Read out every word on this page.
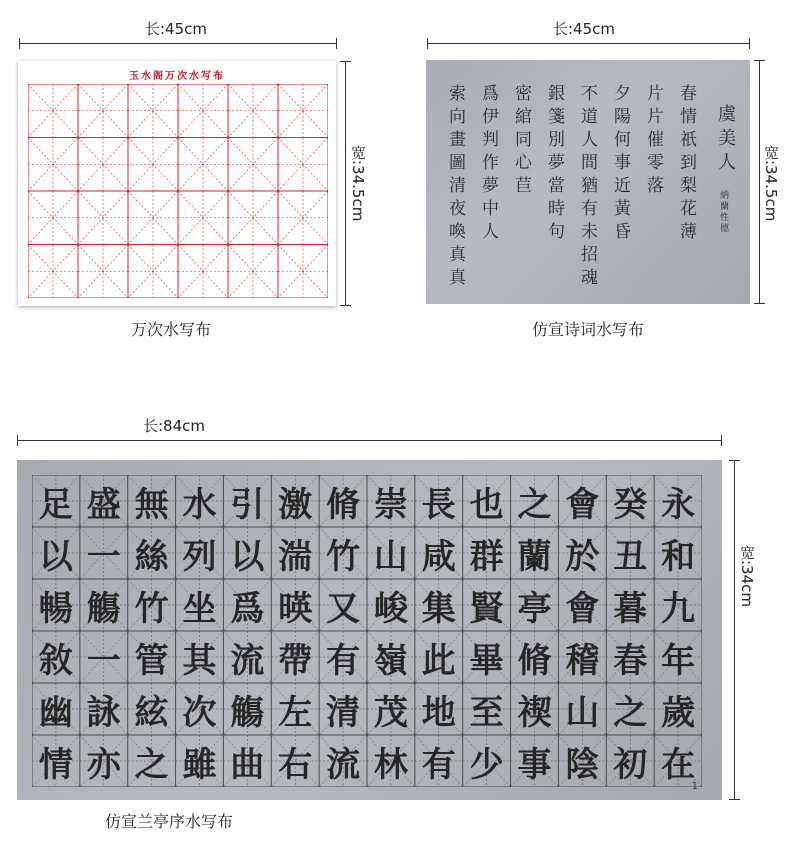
长:45cm
宽:34.5cm
玉水阁万次水写布
万次水写布
长:45cm
宽:34.5cm
虞美人
納蘭性德
春情祇到梨花薄
片片催零落
夕陽何事近黃昏
不道人間猶有未招魂
銀箋別夢當時句
密綰同心苣
爲伊判作夢中人
索向畫圖清夜喚真真
仿宣诗词水写布
长:84cm
宽:34cm
永
和
九
年
歲
在
癸
丑
暮
春
之
初
會
於
會
稽
山
陰
之
蘭
亭
脩
禊
事
也
群
賢
畢
至
少
長
咸
集
此
地
有
崇
山
峻
嶺
茂
林
脩
竹
又
有
清
流
激
湍
暎
帶
左
右
引
以
爲
流
觴
曲
水
列
坐
其
次
雖
無
絲
竹
管
絃
之
盛
一
觴
一
詠
亦
足
以
暢
敘
幽
情
1
仿宣兰亭序水写布
